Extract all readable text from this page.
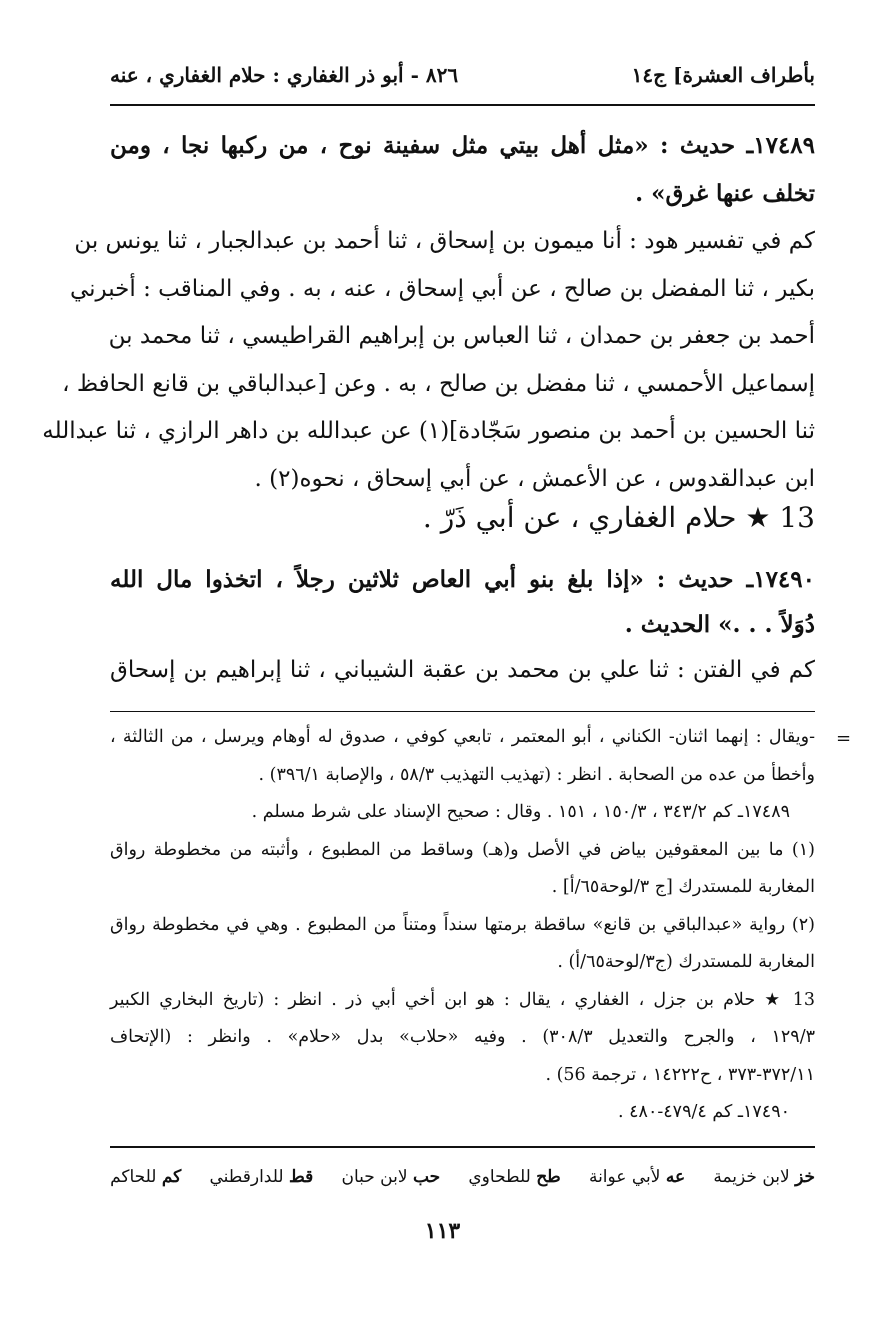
بأطراف العشرة] ج١٤
٨٢٦ - أبو ذر الغفاري : حلام الغفاري ، عنه
١٧٤٨٩ـ حديث : «مثل أهل بيتي مثل سفينة نوح ، من ركبها نجا ، ومن
تخلف عنها غرق» .
كم في تفسير هود : أنا ميمون بن إسحاق ، ثنا أحمد بن عبدالجبار ، ثنا يونس بن
بكير ، ثنا المفضل بن صالح ، عن أبي إسحاق ، عنه ، به . وفي المناقب : أخبرني
أحمد بن جعفر بن حمدان ، ثنا العباس بن إبراهيم القراطيسي ، ثنا محمد بن
إسماعيل الأحمسي ، ثنا مفضل بن صالح ، به . وعن [عبدالباقي بن قانع الحافظ ،
ثنا الحسين بن أحمد بن منصور سَجّادة](١) عن عبدالله بن داهر الرازي ، ثنا عبدالله
ابن عبدالقدوس ، عن الأعمش ، عن أبي إسحاق ، نحوه(٢) .
13 ★ حلام الغفاري ، عن أبي ذَرّ .
١٧٤٩٠ـ حديث : «إذا بلغ بنو أبي العاص ثلاثين رجلاً ، اتخذوا مال الله
دُوَلاً . . .» الحديث .
كم في الفتن : ثنا علي بن محمد بن عقبة الشيباني ، ثنا إبراهيم بن إسحاق
=
-ويقال : إنهما اثنان- الكناني ، أبو المعتمر ، تابعي كوفي ، صدوق له أوهام ويرسل ، من الثالثة ،
وأخطأ من عده من الصحابة . انظر : (تهذيب التهذيب ٥٨/٣ ، والإصابة ٣٩٦/١) .
١٧٤٨٩ـ كم ٣٤٣/٢ ، ١٥٠/٣ ، ١٥١ . وقال : صحيح الإسناد على شرط مسلم .
(١) ما بين المعقوفين بياض في الأصل و(هـ) وساقط من المطبوع ، وأثبته من مخطوطة رواق
المغاربة للمستدرك [ج ٣/لوحة٦٥/أ] .
(٢) رواية «عبدالباقي بن قانع» ساقطة برمتها سنداً ومتناً من المطبوع . وهي في مخطوطة رواق
المغاربة للمستدرك (ج٣/لوحة٦٥/أ) .
13 ★ حلام بن جزل ، الغفاري ، يقال : هو ابن أخي أبي ذر . انظر : (تاريخ البخاري الكبير
١٢٩/٣ ، والجرح والتعديل ٣٠٨/٣) . وفيه «حلاب» بدل «حلام» . وانظر : (الإتحاف
٣٧٢/١١-٣٧٣ ، ح١٤٢٢٢ ، ترجمة 56) .
١٧٤٩٠ـ كم ٤٧٩/٤-٤٨٠ .
خز لابن خزيمة
عه لأبي عوانة
طح للطحاوي
حب لابن حبان
قط للدارقطني
كم للحاكم
١١٣
